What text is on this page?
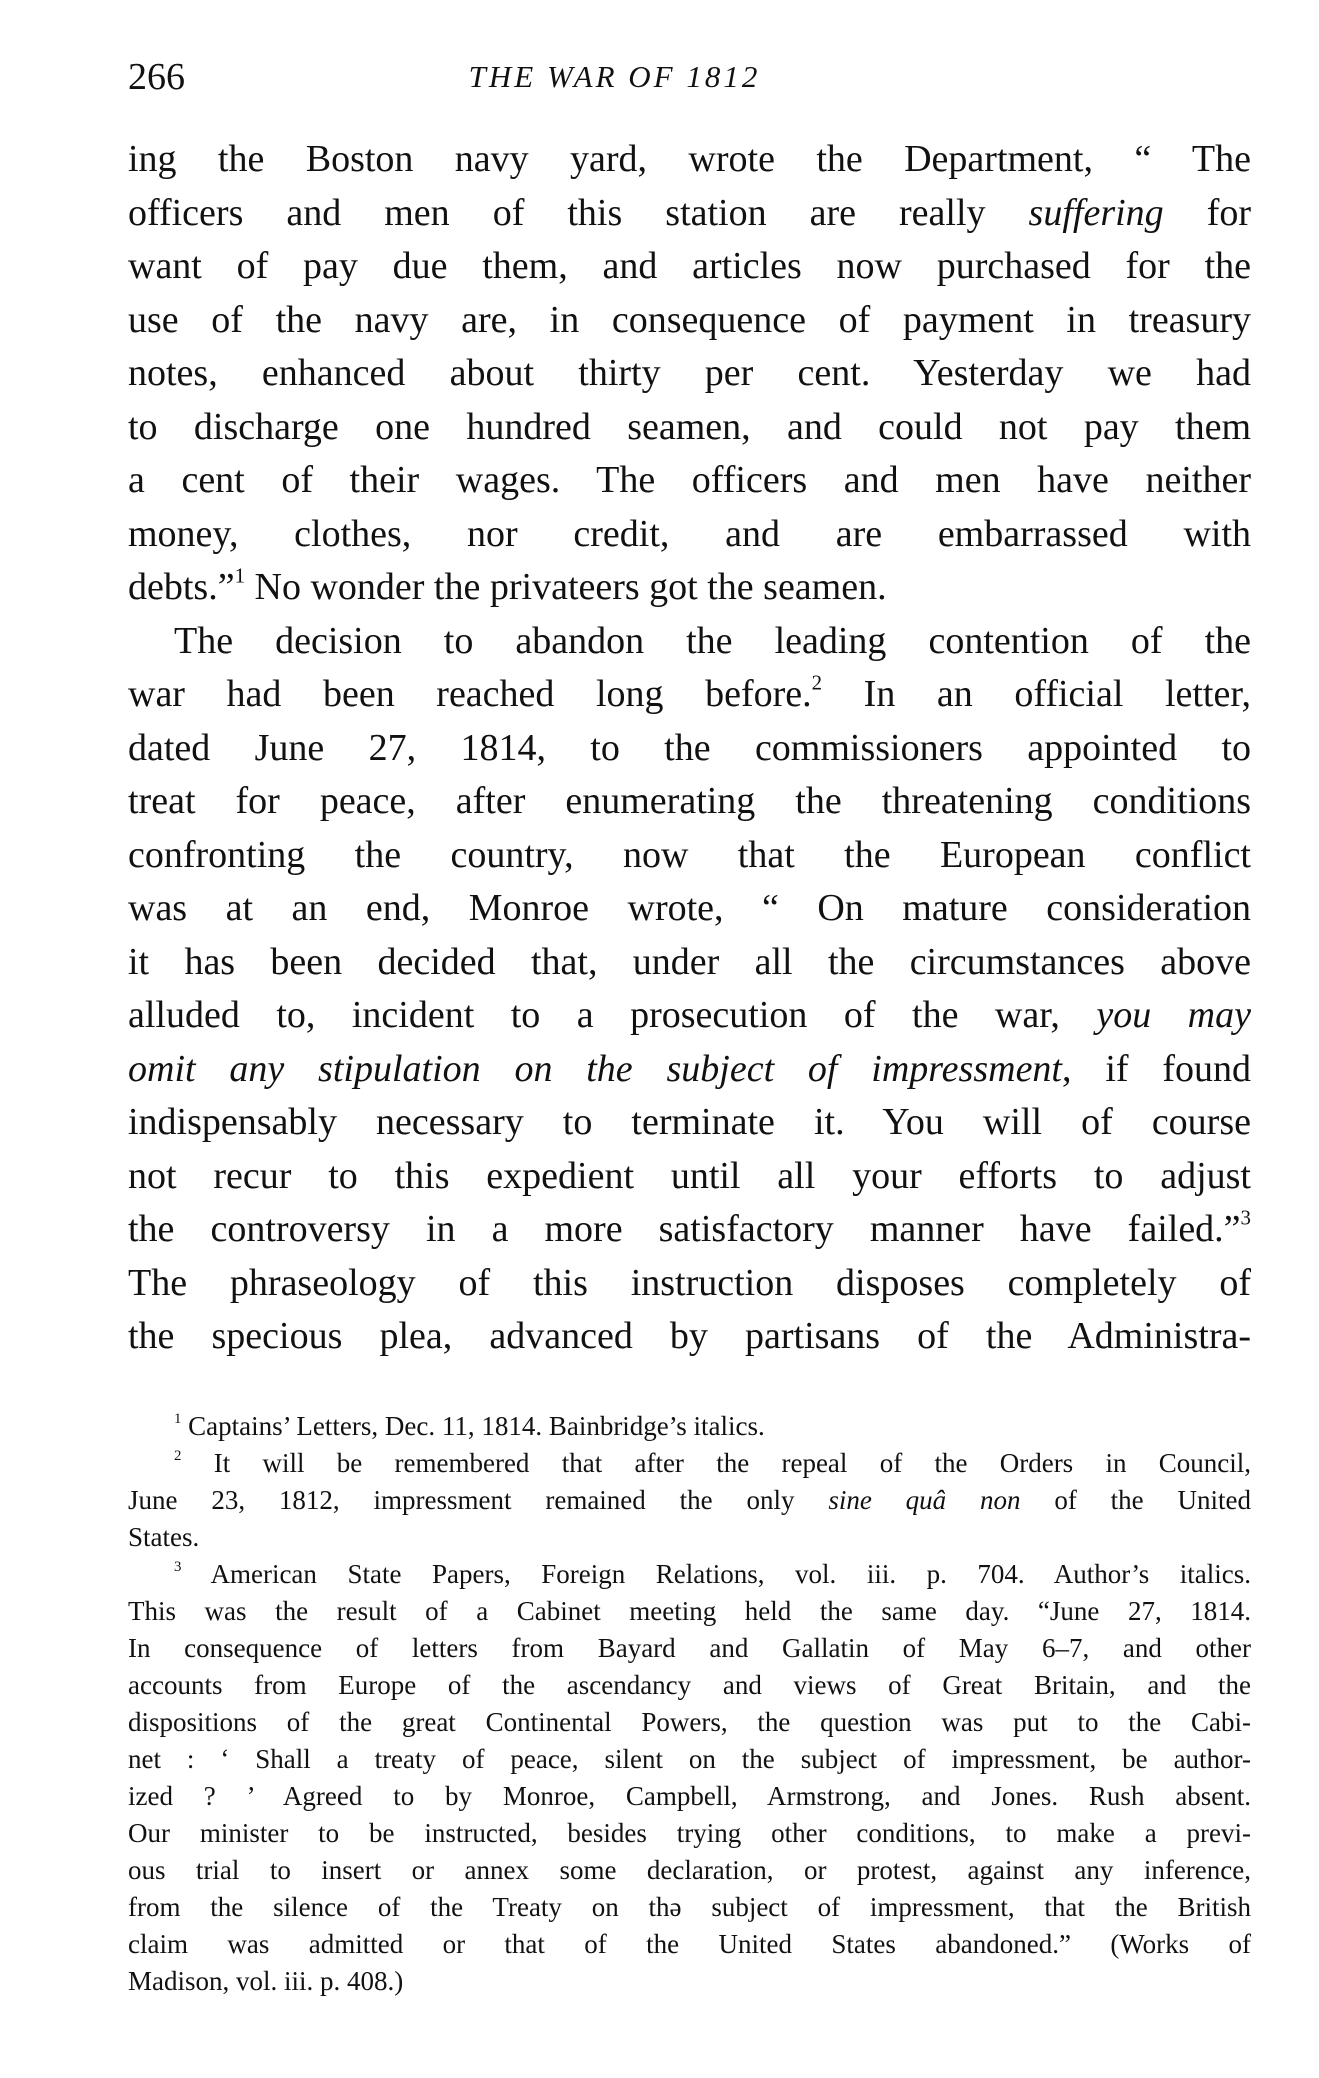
266	THE WAR OF 1812
ing the Boston navy yard, wrote the Department, “ The
officers and men of this station are really suffering for
want of pay due them, and articles now purchased for the
use of the navy are, in consequence of payment in treasury
notes, enhanced about thirty per cent. Yesterday we had
to discharge one hundred seamen, and could not pay them
a cent of their wages. The officers and men have neither
money, clothes, nor credit, and are embarrassed with
debts.”$^1$ No wonder the privateers got the seamen.
The decision to abandon the leading contention of the
war had been reached long before.$^2$ In an official letter,
dated June 27, 1814, to the commissioners appointed to
treat for peace, after enumerating the threatening conditions
confronting the country, now that the European conflict
was at an end, Monroe wrote, “ On mature consideration
it has been decided that, under all the circumstances above
alluded to, incident to a prosecution of the war, you may
omit any stipulation on the subject of impressment, if found
indispensably necessary to terminate it. You will of course
not recur to this expedient until all your efforts to adjust
the controversy in a more satisfactory manner have failed.”$^3$
The phraseology of this instruction disposes completely of
the specious plea, advanced by partisans of the Administra-
$^1$ Captains’ Letters, Dec. 11, 1814. Bainbridge’s italics.
$^2$ It will be remembered that after the repeal of the Orders in Council,
June 23, 1812, impressment remained the only sine quâ non of the United
States.
$^3$ American State Papers, Foreign Relations, vol. iii. p. 704. Author’s italics.
This was the result of a Cabinet meeting held the same day. “June 27, 1814.
In consequence of letters from Bayard and Gallatin of May 6–7, and other
accounts from Europe of the ascendancy and views of Great Britain, and the
dispositions of the great Continental Powers, the question was put to the Cabi-
net : ‘ Shall a treaty of peace, silent on the subject of impressment, be author-
ized ? ’ Agreed to by Monroe, Campbell, Armstrong, and Jones. Rush absent.
Our minister to be instructed, besides trying other conditions, to make a previ-
ous trial to insert or annex some declaration, or protest, against any inference,
from the silence of the Treaty on thə subject of impressment, that the British
claim was admitted or that of the United States abandoned.” (Works of
Madison, vol. iii. p. 408.)
